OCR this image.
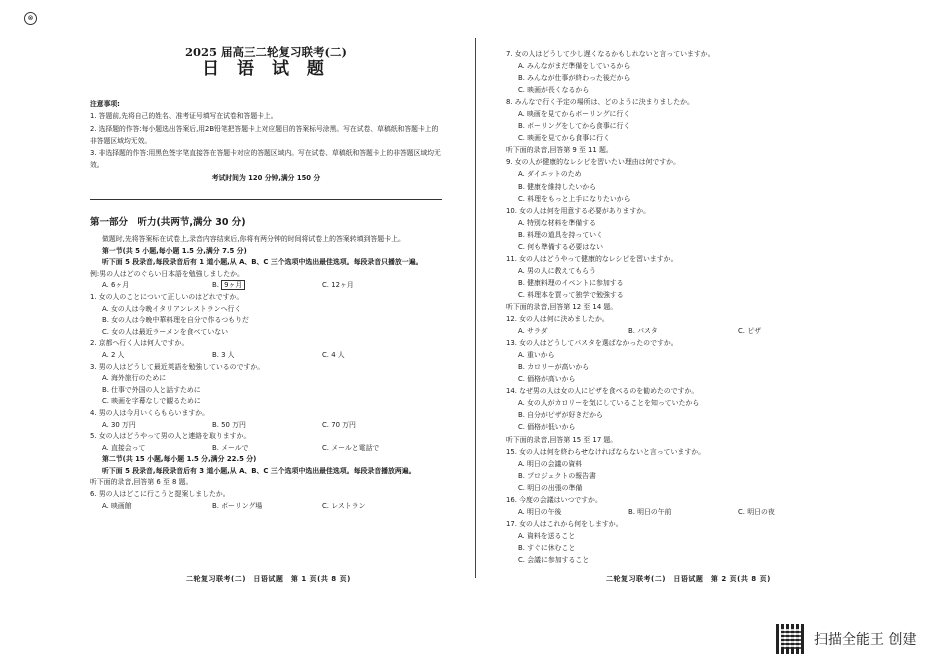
⊗
2025 届高三二轮复习联考(二)
日 语 试 题
注意事项:
1. 答题前,先将自己的姓名、准考证号填写在试卷和答题卡上。
2. 选择题的作答:每小题选出答案后,用2B铅笔把答题卡上对应题目的答案标号涂黑。写在试卷、草稿纸和答题卡上的非答题区域均无效。
3. 非选择题的作答:用黑色签字笔直接答在答题卡对应的答题区域内。写在试卷、草稿纸和答题卡上的非答题区域均无效。
考试时间为 120 分钟,满分 150 分
第一部分　听力(共两节,满分 30 分)
做题时,先将答案标在试卷上,录音内容结束后,你将有两分钟的时间将试卷上的答案转填到答题卡上。
第一节(共 5 小题,每小题 1.5 分,满分 7.5 分)
听下面 5 段录音,每段录音后有 1 道小题,从 A、B、C 三个选项中选出最佳选项。每段录音只播放一遍。
例:男の人はどのぐらい日本語を勉強しましたか。
A. 6ヶ月	B. 9ヶ月	C. 12ヶ月
1. 女の人のことについて正しいのはどれですか。
A. 女の人は今晩イタリアンレストランへ行く
B. 女の人は今晩中華料理を自分で作るつもりだ
C. 女の人は最近ラーメンを食べていない
2. 京都へ行く人は何人ですか。
A. 2 人	B. 3 人	C. 4 人
3. 男の人はどうして最近英語を勉強しているのですか。
A. 海外旅行のために
B. 仕事で外国の人と話すために
C. 映画を字幕なしで観るために
4. 男の人は今月いくらもらいますか。
A. 30 万円	B. 50 万円	C. 70 万円
5. 女の人はどうやって男の人と連絡を取りますか。
A. 直接会って	B. メールで	C. メールと電話で
第二节(共 15 小题,每小题 1.5 分,满分 22.5 分)
听下面 5 段录音,每段录音后有 3 道小题,从 A、B、C 三个选项中选出最佳选项。每段录音播放两遍。
听下面的录音,回答第 6 至 8 题。
6. 男の人はどこに行こうと提案しましたか。
A. 映画館	B. ボーリング場	C. レストラン
二轮复习联考(二)　日语试题　第 1 页(共 8 页)
7. 女の人はどうして少し遅くなるかもしれないと言っていますか。
A. みんながまだ準備をしているから
B. みんなが仕事が終わった後だから
C. 映画が長くなるから
8. みんなで行く予定の場所は、どのように決まりましたか。
A. 映画を見てからボーリングに行く
B. ボーリングをしてから食事に行く
C. 映画を見てから食事に行く
听下面的录音,回答第 9 至 11 题。
9. 女の人が健康的なレシピを習いたい理由は何ですか。
A. ダイエットのため
B. 健康を維持したいから
C. 料理をもっと上手になりたいから
10. 女の人は何を用意する必要がありますか。
A. 特別な材料を準備する
B. 料理の道具を持っていく
C. 何も準備する必要はない
11. 女の人はどうやって健康的なレシピを習いますか。
A. 男の人に教えてもらう
B. 健康料理のイベントに参加する
C. 料理本を買って独学で勉強する
听下面的录音,回答第 12 至 14 题。
12. 女の人は何に決めましたか。
A. サラダ	B. パスタ	C. ピザ
13. 女の人はどうしてパスタを選ばなかったのですか。
A. 重いから
B. カロリーが高いから
C. 価格が高いから
14. なぜ男の人は女の人にピザを食べるのを勧めたのですか。
A. 女の人がカロリーを気にしていることを知っていたから
B. 自分がピザが好きだから
C. 価格が低いから
听下面的录音,回答第 15 至 17 题。
15. 女の人は何を終わらせなければならないと言っていますか。
A. 明日の会議の資料
B. プロジェクトの報告書
C. 明日の出張の準備
16. 今度の会議はいつですか。
A. 明日の午後	B. 明日の午前	C. 明日の夜
17. 女の人はこれから何をしますか。
A. 資料を送ること
B. すぐに休むこと
C. 会議に参加すること
二轮复习联考(二)　日语试题　第 2 页(共 8 页)
扫描全能王 创建
